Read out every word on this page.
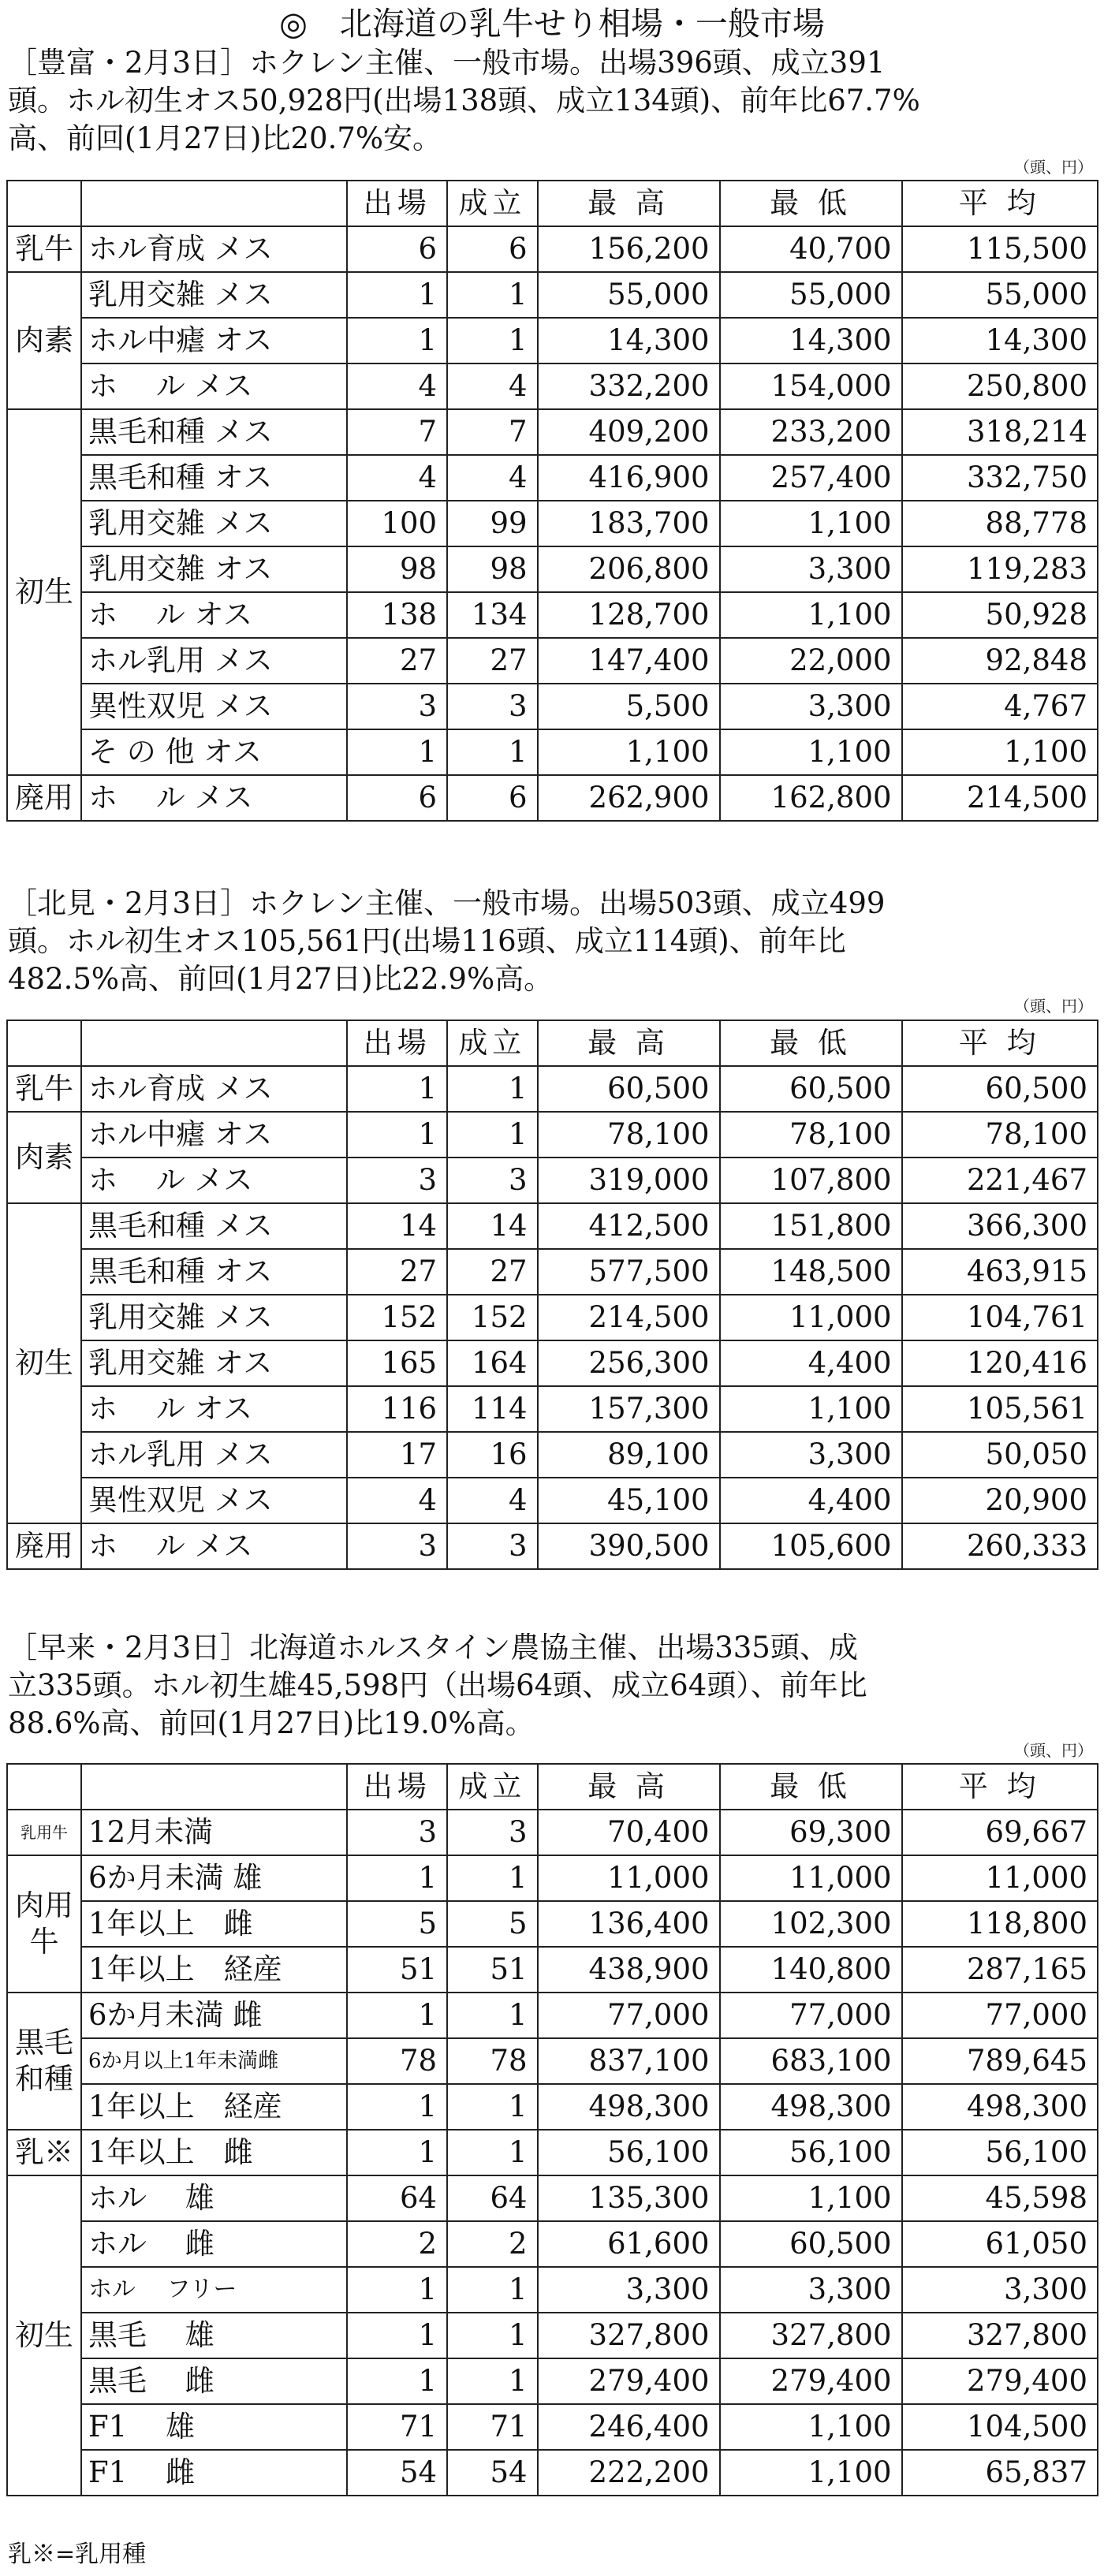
◎　北海道の乳牛せり相場・一般市場
［豊富・2月3日］ホクレン主催、一般市場。出場396頭、成立391
頭。ホル初生オス50,928円(出場138頭、成立134頭)、前年比67.7%
高、前回(1月27日)比20.7%安。
（頭、円）
		出場	成立	最 高	最 低	平 均
乳牛	ホル育成 メス	6	6	156,200	40,700	115,500
肉素	乳用交雑 メス	1	1	55,000	55,000	55,000
	ホル中瘧 オス	1	1	14,300	14,300	14,300
	ホ　 ル メス	4	4	332,200	154,000	250,800
初生	黒毛和種 メス	7	7	409,200	233,200	318,214
	黒毛和種 オス	4	4	416,900	257,400	332,750
	乳用交雑 メス	100	99	183,700	1,100	88,778
	乳用交雑 オス	98	98	206,800	3,300	119,283
	ホ　 ル オス	138	134	128,700	1,100	50,928
	ホル乳用 メス	27	27	147,400	22,000	92,848
	異性双児 メス	3	3	5,500	3,300	4,767
	そ の 他 オス	1	1	1,100	1,100	1,100
廃用	ホ　 ル メス	6	6	262,900	162,800	214,500
［北見・2月3日］ホクレン主催、一般市場。出場503頭、成立499
頭。ホル初生オス105,561円(出場116頭、成立114頭)、前年比
482.5%高、前回(1月27日)比22.9%高。
（頭、円）
		出場	成立	最 高	最 低	平 均
乳牛	ホル育成 メス	1	1	60,500	60,500	60,500
肉素	ホル中瘧 オス	1	1	78,100	78,100	78,100
	ホ　 ル メス	3	3	319,000	107,800	221,467
初生	黒毛和種 メス	14	14	412,500	151,800	366,300
	黒毛和種 オス	27	27	577,500	148,500	463,915
	乳用交雑 メス	152	152	214,500	11,000	104,761
	乳用交雑 オス	165	164	256,300	4,400	120,416
	ホ　 ル オス	116	114	157,300	1,100	105,561
	ホル乳用 メス	17	16	89,100	3,300	50,050
	異性双児 メス	4	4	45,100	4,400	20,900
廃用	ホ　 ル メス	3	3	390,500	105,600	260,333
［早来・2月3日］北海道ホルスタイン農協主催、出場335頭、成
立335頭。ホル初生雄45,598円（出場64頭、成立64頭）、前年比
88.6%高、前回(1月27日)比19.0%高。
（頭、円）
		出場	成立	最 高	最 低	平 均
乳用牛	12月未満	3	3	70,400	69,300	69,667
肉用牛	6か月未満 雄	1	1	11,000	11,000	11,000
	1年以上　雌	5	5	136,400	102,300	118,800
	1年以上　経産	51	51	438,900	140,800	287,165
黒毛和種	6か月未満 雌	1	1	77,000	77,000	77,000
	6か月以上1年未満雌	78	78	837,100	683,100	789,645
	1年以上　経産	1	1	498,300	498,300	498,300
乳※	1年以上　雌	1	1	56,100	56,100	56,100
初生	ホル　 雄	64	64	135,300	1,100	45,598
	ホル　 雌	2	2	61,600	60,500	61,050
	ホル　 フリー	1	1	3,300	3,300	3,300
	黒毛　 雄	1	1	327,800	327,800	327,800
	黒毛　 雌	1	1	279,400	279,400	279,400
	F1　 雄	71	71	246,400	1,100	104,500
	F1　 雌	54	54	222,200	1,100	65,837
乳※=乳用種
